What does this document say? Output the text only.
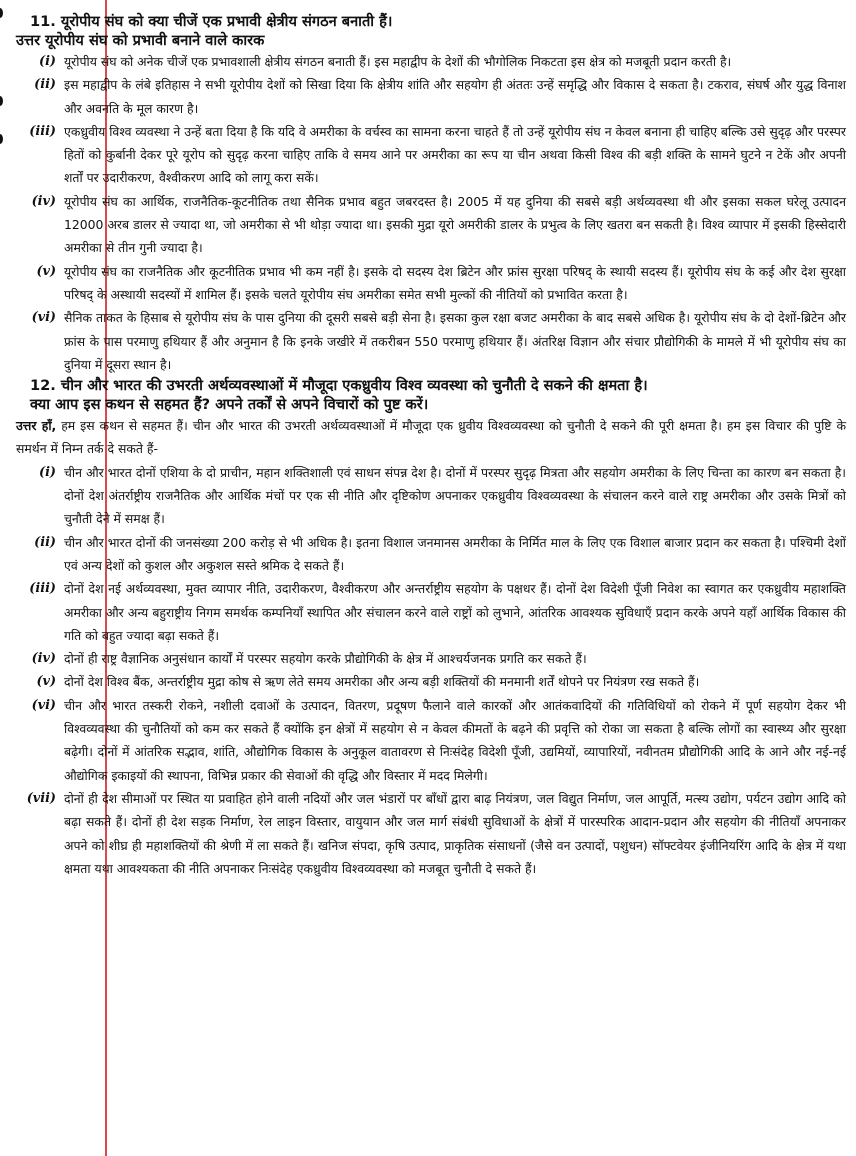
11. यूरोपीय संघ को क्या चीजें एक प्रभावी क्षेत्रीय संगठन बनाती हैं।

उत्तर यूरोपीय संघ को प्रभावी बनाने वाले कारक

(i) यूरोपीय संघ को अनेक चीजें एक प्रभावशाली क्षेत्रीय संगठन बनाती हैं। इस महाद्वीप के देशों की भौगोलिक निकटता इस क्षेत्र को मजबूती प्रदान करती है।
(ii) इस महाद्वीप के लंबे इतिहास ने सभी यूरोपीय देशों को सिखा दिया कि क्षेत्रीय शांति और सहयोग ही अंततः उन्हें समृद्धि और विकास दे सकता है। टकराव, संघर्ष और युद्ध विनाश और अवनति के मूल कारण है।
(iii) एकध्रुवीय विश्व व्यवस्था ने उन्हें बता दिया है कि यदि वे अमरीका के वर्चस्व का सामना करना चाहते हैं तो उन्हें यूरोपीय संघ न केवल बनाना ही चाहिए बल्कि उसे सुदृढ़ और परस्पर हितों को कुर्बानी देकर पूरे यूरोप को सुदृढ़ करना चाहिए ताकि वे समय आने पर अमरीका का रूप या चीन अथवा किसी विश्व की बड़ी शक्ति के सामने घुटने न टेकें और अपनी शर्तों पर उदारीकरण, वैश्वीकरण आदि को लागू करा सकें।
(iv) यूरोपीय संघ का आर्थिक, राजनैतिक-कूटनीतिक तथा सैनिक प्रभाव बहुत जबरदस्त है। 2005 में यह दुनिया की सबसे बड़ी अर्थव्यवस्था थी और इसका सकल घरेलू उत्पादन 12000 अरब डालर से ज्यादा था, जो अमरीका से भी थोड़ा ज्यादा था। इसकी मुद्रा यूरो अमरीकी डालर के प्रभुत्व के लिए खतरा बन सकती है। विश्व व्यापार में इसकी हिस्सेदारी अमरीका से तीन गुनी ज्यादा है।
(v) यूरोपीय संघ का राजनैतिक और कूटनीतिक प्रभाव भी कम नहीं है। इसके दो सदस्य देश ब्रिटेन और फ्रांस सुरक्षा परिषद् के स्थायी सदस्य हैं। यूरोपीय संघ के कई और देश सुरक्षा परिषद् के अस्थायी सदस्यों में शामिल हैं। इसके चलते यूरोपीय संघ अमरीका समेत सभी मुल्कों की नीतियों को प्रभावित करता है।
(vi) सैनिक ताकत के हिसाब से यूरोपीय संघ के पास दुनिया की दूसरी सबसे बड़ी सेना है। इसका कुल रक्षा बजट अमरीका के बाद सबसे अधिक है। यूरोपीय संघ के दो देशों-ब्रिटेन और फ्रांस के पास परमाणु हथियार हैं और अनुमान है कि इनके जखीरे में तकरीबन 550 परमाणु हथियार हैं। अंतरिक्ष विज्ञान और संचार प्रौद्योगिकी के मामले में भी यूरोपीय संघ का दुनिया में दूसरा स्थान है।

12. चीन और भारत की उभरती अर्थव्यवस्थाओं में मौजूदा एकध्रुवीय विश्व व्यवस्था को चुनौती दे सकने की क्षमता है।

क्या आप इस कथन से सहमत हैं? अपने तर्कों से अपने विचारों को पुष्ट करें।

उत्तर हाँ, हम इस कथन से सहमत हैं। चीन और भारत की उभरती अर्थव्यवस्थाओं में मौजूदा एक ध्रुवीय विश्वव्यवस्था को चुनौती दे सकने की पूरी क्षमता है। हम इस विचार की पुष्टि के समर्थन में निम्न तर्क दे सकते हैं-

(i) चीन और भारत दोनों एशिया के दो प्राचीन, महान शक्तिशाली एवं साधन संपन्न देश है। दोनों में परस्पर सुदृढ़ मित्रता और सहयोग अमरीका के लिए चिन्ता का कारण बन सकता है। दोनों देश अंतर्राष्ट्रीय राजनैतिक और आर्थिक मंचों पर एक सी नीति और दृष्टिकोण अपनाकर एकध्रुवीय विश्वव्यवस्था के संचालन करने वाले राष्ट्र अमरीका और उसके मित्रों को चुनौती देने में समक्ष हैं।
(ii) चीन और भारत दोनों की जनसंख्या 200 करोड़ से भी अधिक है। इतना विशाल जनमानस अमरीका के निर्मित माल के लिए एक विशाल बाजार प्रदान कर सकता है। पश्चिमी देशों एवं अन्य देशों को कुशल और अकुशल सस्ते श्रमिक दे सकते हैं।
(iii) दोनों देश नई अर्थव्यवस्था, मुक्त व्यापार नीति, उदारीकरण, वैश्वीकरण और अन्तर्राष्ट्रीय सहयोग के पक्षधर हैं। दोनों देश विदेशी पूँजी निवेश का स्वागत कर एकध्रुवीय महाशक्ति अमरीका और अन्य बहुराष्ट्रीय निगम समर्थक कम्पनियाँ स्थापित और संचालन करने वाले राष्ट्रों को लुभाने, आंतरिक आवश्यक सुविधाएँ प्रदान करके अपने यहाँ आर्थिक विकास की गति को बहुत ज्यादा बढ़ा सकते हैं।
(iv) दोनों ही राष्ट्र वैज्ञानिक अनुसंधान कार्यों में परस्पर सहयोग करके प्रौद्योगिकी के क्षेत्र में आश्चर्यजनक प्रगति कर सकते हैं।
(v) दोनों देश विश्व बैंक, अन्तर्राष्ट्रीय मुद्रा कोष से ऋण लेते समय अमरीका और अन्य बड़ी शक्तियों की मनमानी शर्तें थोपने पर नियंत्रण रख सकते हैं।
(vi) चीन और भारत तस्करी रोकने, नशीली दवाओं के उत्पादन, वितरण, प्रदूषण फैलाने वाले कारकों और आतंकवादियों की गतिविधियों को रोकने में पूर्ण सहयोग देकर भी विश्वव्यवस्था की चुनौतियों को कम कर सकते हैं क्योंकि इन क्षेत्रों में सहयोग से न केवल कीमतों के बढ़ने की प्रवृत्ति को रोका जा सकता है बल्कि लोगों का स्वास्थ्य और सुरक्षा बढ़ेगी। दोनों में आंतरिक सद्भाव, शांति, औद्योगिक विकास के अनुकूल वातावरण से निःसंदेह विदेशी पूँजी, उद्यमियों, व्यापारियों, नवीनतम प्रौद्योगिकी आदि के आने और नई-नई औद्योगिक इकाइयों की स्थापना, विभिन्न प्रकार की सेवाओं की वृद्धि और विस्तार में मदद मिलेगी।
(vii) दोनों ही देश सीमाओं पर स्थित या प्रवाहित होने वाली नदियों और जल भंडारों पर बाँधों द्वारा बाढ़ नियंत्रण, जल विद्युत निर्माण, जल आपूर्ति, मत्स्य उद्योग, पर्यटन उद्योग आदि को बढ़ा सकते हैं। दोनों ही देश सड़क निर्माण, रेल लाइन विस्तार, वायुयान और जल मार्ग संबंधी सुविधाओं के क्षेत्रों में पारस्परिक आदान-प्रदान और सहयोग की नीतियाँ अपनाकर अपने को शीघ्र ही महाशक्तियों की श्रेणी में ला सकते हैं। खनिज संपदा, कृषि उत्पाद, प्राकृतिक संसाधनों (जैसे वन उत्पादों, पशुधन) सॉफ्टवेयर इंजीनियरिंग आदि के क्षेत्र में यथा क्षमता यथा आवश्यकता की नीति अपनाकर निःसंदेह एकध्रुवीय विश्वव्यवस्था को मजबूत चुनौती दे सकते हैं।
